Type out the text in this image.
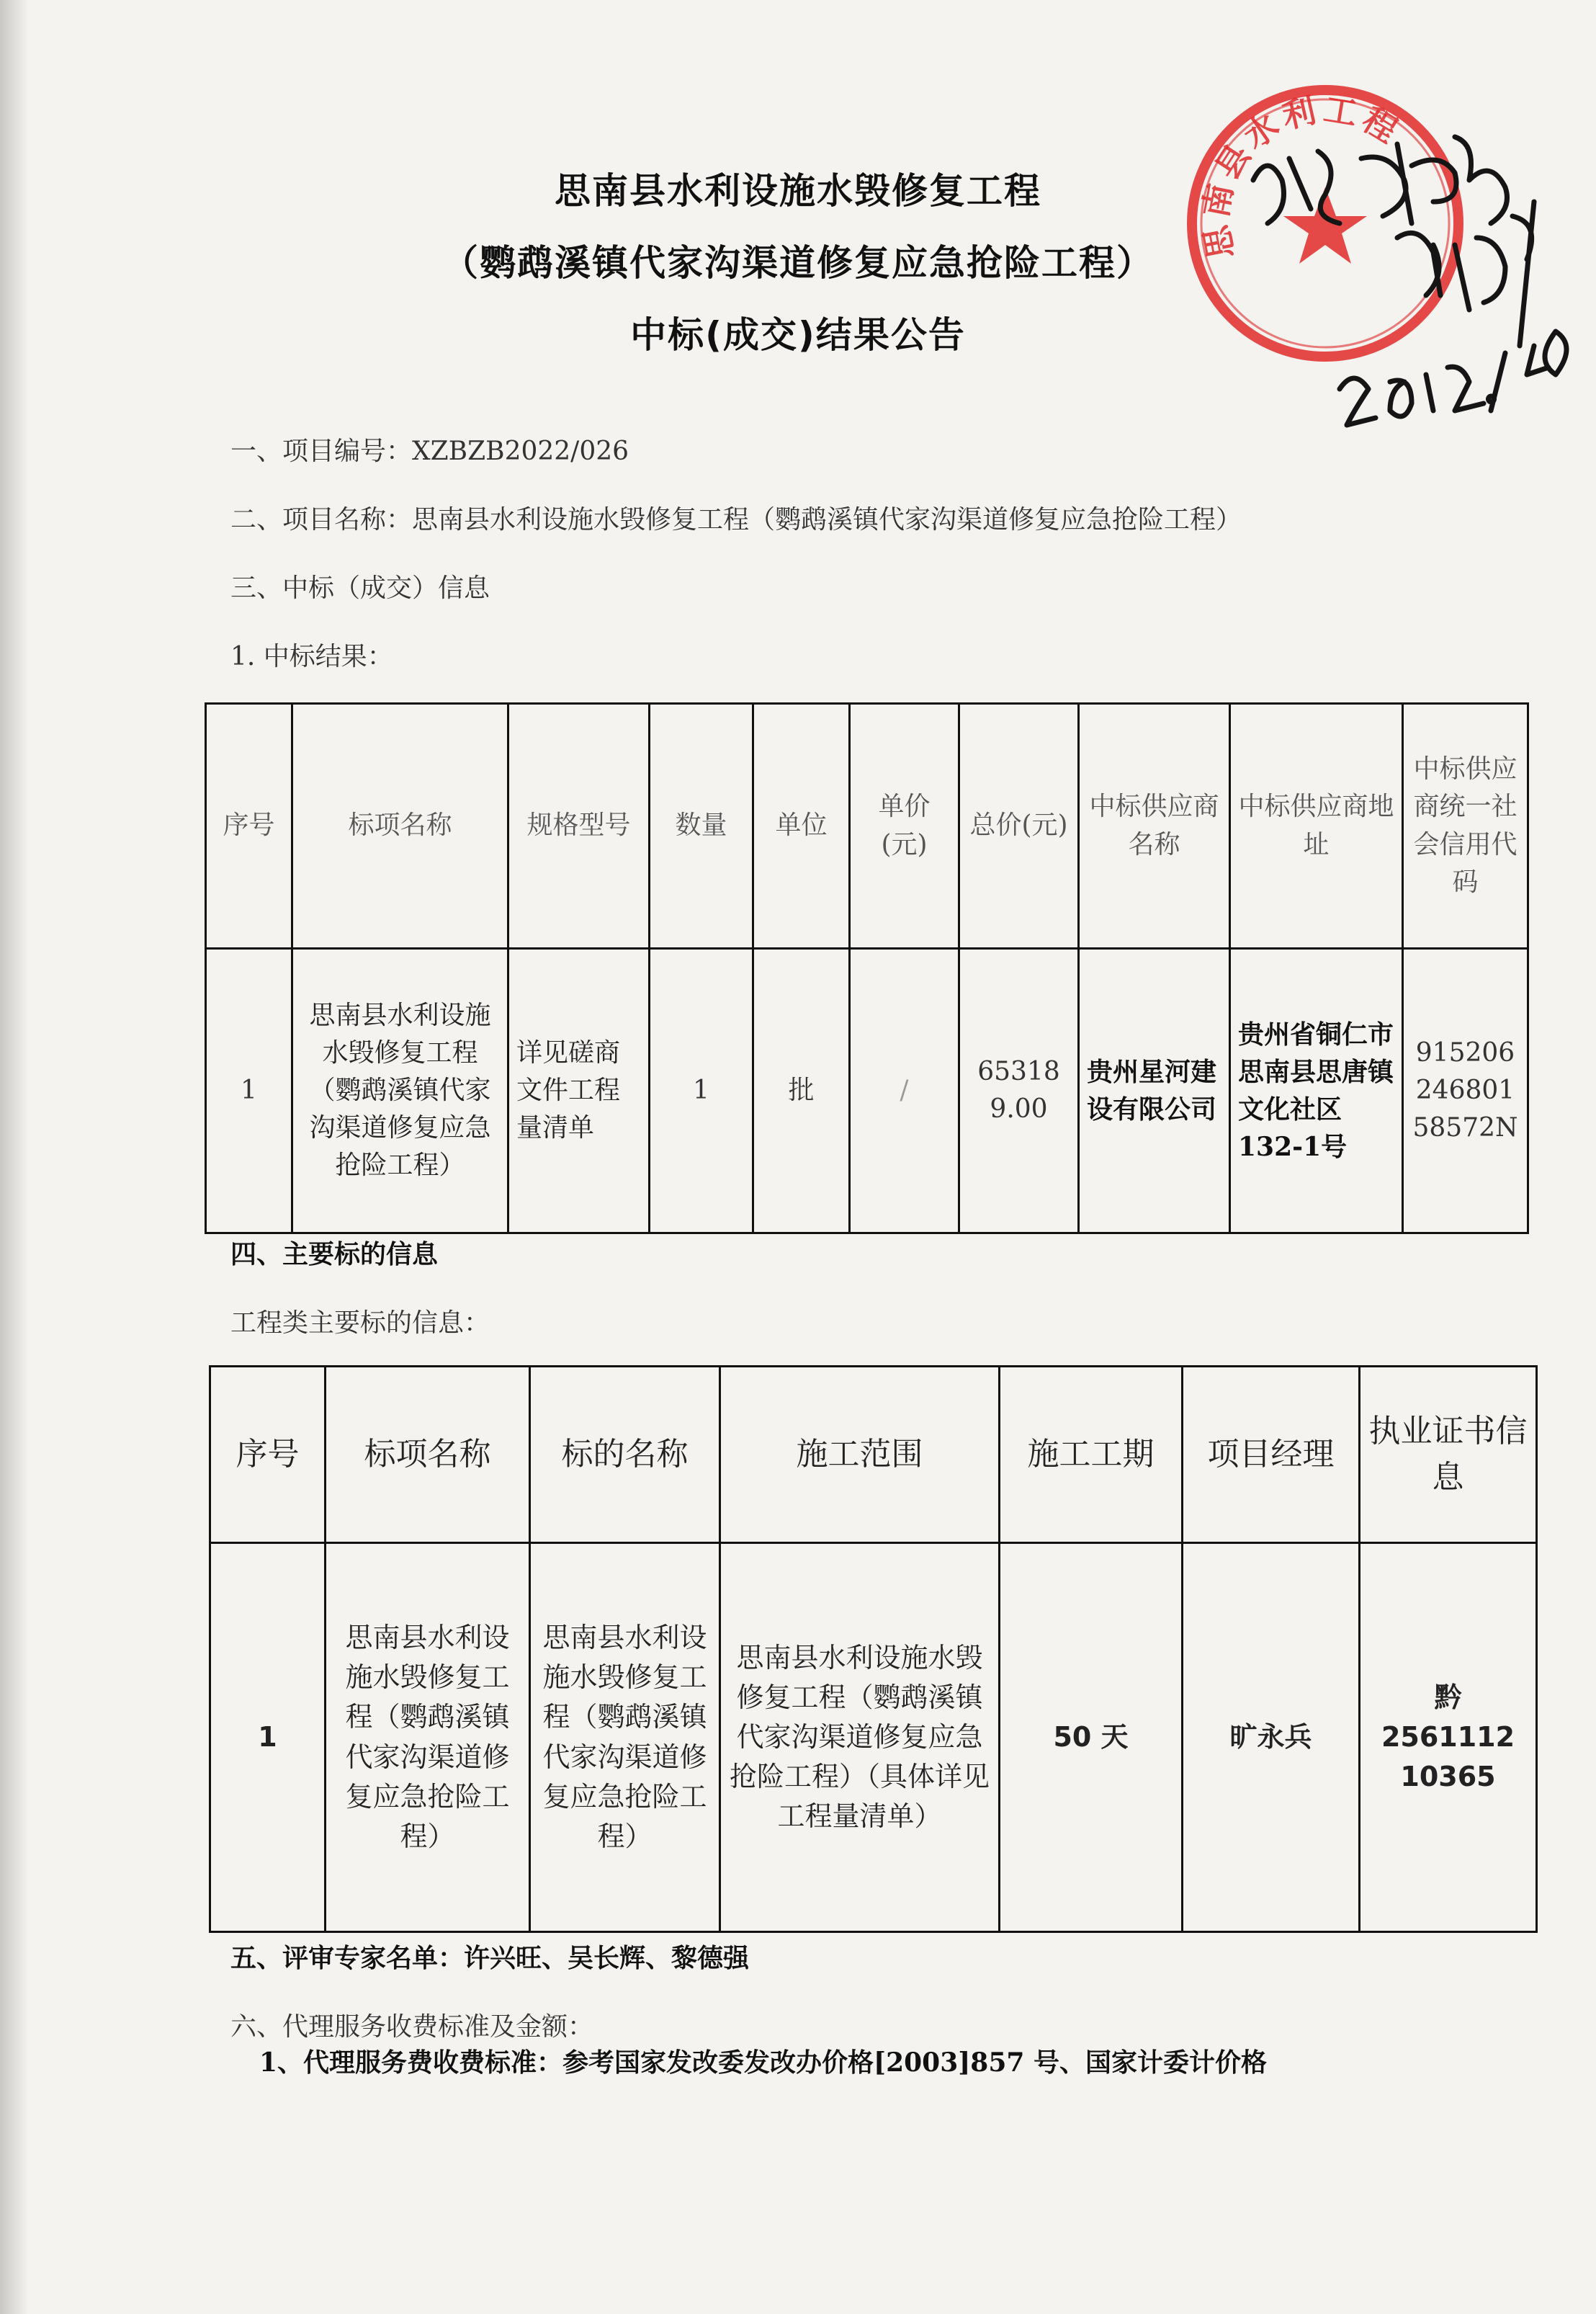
思南县水利设施水毁修复工程
（鹦鹉溪镇代家沟渠道修复应急抢险工程）
中标(成交)结果公告
一、项目编号：XZBZB2022/026
二、项目名称：思南县水利设施水毁修复工程（鹦鹉溪镇代家沟渠道修复应急抢险工程）
三、中标（成交）信息
1. 中标结果：
序号	标项名称	规格型号	数量	单位	单价(元)	总价(元)	中标供应商名称	中标供应商地址	中标供应商统一社会信用代码
1	思南县水利设施水毁修复工程（鹦鹉溪镇代家沟渠道修复应急抢险工程）	详见磋商文件工程量清单	1	批	/	653189.00	贵州星河建设有限公司	贵州省铜仁市思南县思唐镇文化社区132-1号	915206246801 58572N
四、主要标的信息
工程类主要标的信息：
序号	标项名称	标的名称	施工范围	施工工期	项目经理	执业证书信息
1	思南县水利设施水毁修复工程（鹦鹉溪镇代家沟渠道修复应急抢险工程）	思南县水利设施水毁修复工程（鹦鹉溪镇代家沟渠道修复应急抢险工程）	思南县水利设施水毁修复工程（鹦鹉溪镇代家沟渠道修复应急抢险工程）（具体详见工程量清单）	50 天	旷永兵	黔 2561112 10365
五、评审专家名单：许兴旺、吴长辉、黎德强
六、代理服务收费标准及金额：
1、代理服务费收费标准：参考国家发改委发改办价格[2003]857 号、国家计委计价格
思南县水利工程
